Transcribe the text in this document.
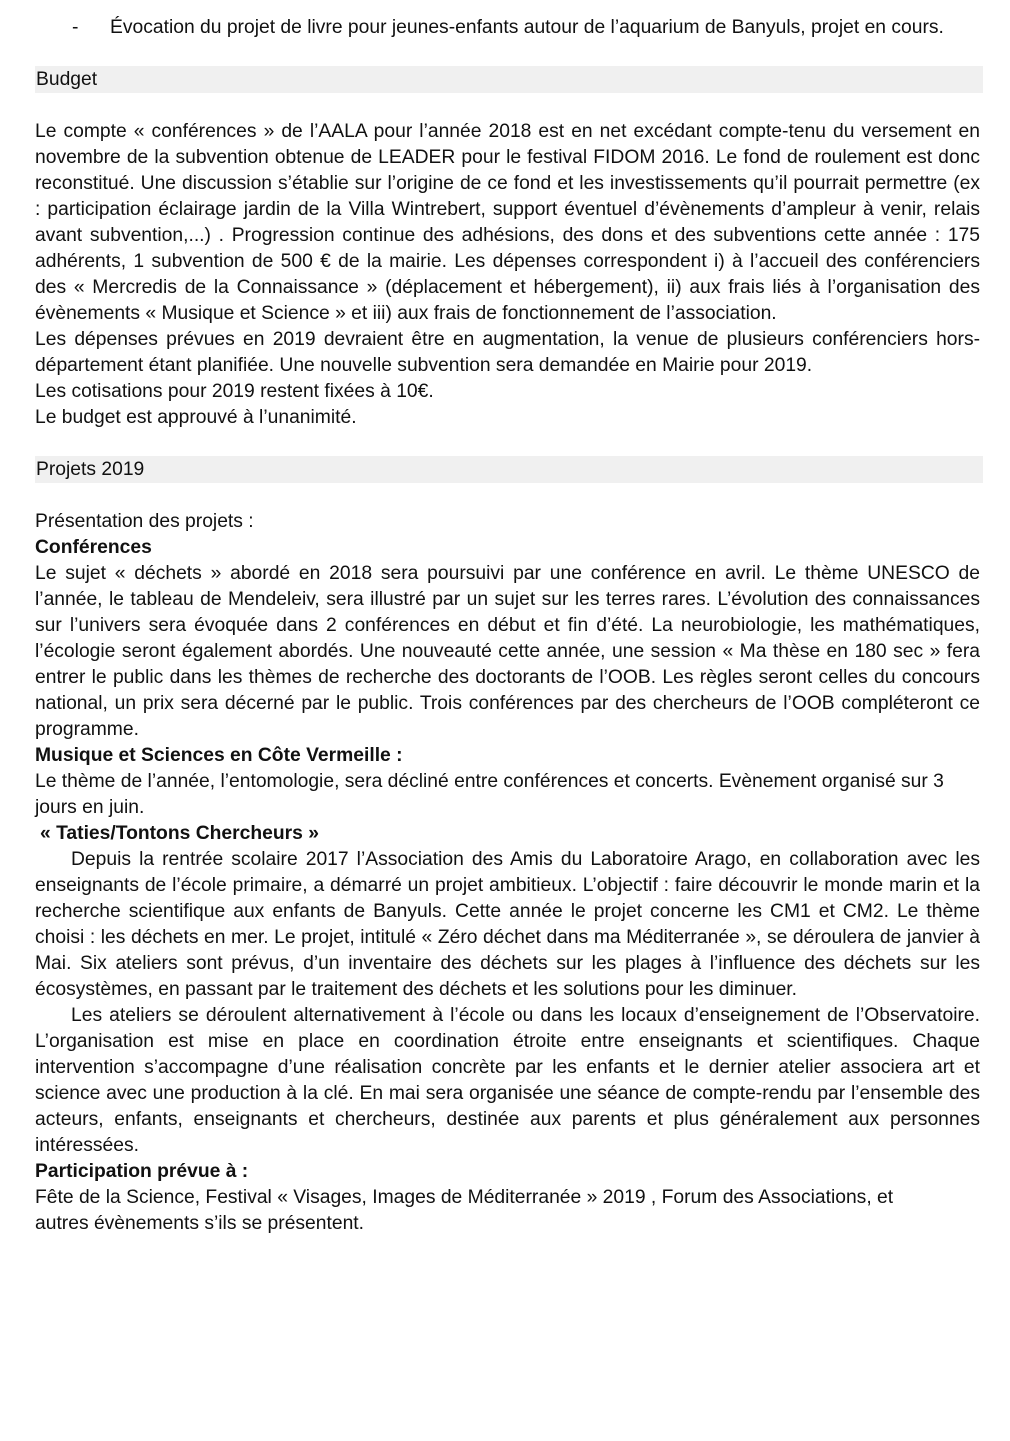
-	Évocation du projet de livre pour jeunes-enfants autour de l’aquarium de Banyuls, projet en cours.
Budget

Le compte « conférences » de l’AALA pour l’année 2018 est en net excédant compte-tenu du versement en novembre de la subvention obtenue de LEADER pour le festival FIDOM 2016. Le fond de roulement est donc reconstitué. Une discussion s’établie sur l’origine de ce fond et les investissements qu’il pourrait permettre (ex : participation éclairage jardin de la Villa Wintrebert, support éventuel d’évènements d’ampleur à venir, relais avant subvention,...) . Progression continue des adhésions, des dons et des subventions cette année : 175 adhérents, 1 subvention de 500 € de la mairie. Les dépenses correspondent i) à l’accueil des conférenciers des « Mercredis de la Connaissance » (déplacement et hébergement), ii) aux frais liés à l’organisation des évènements « Musique et Science » et iii) aux frais de fonctionnement de l’association.

Les dépenses prévues en 2019 devraient être en augmentation, la venue de plusieurs conférenciers hors-département étant planifiée. Une nouvelle subvention sera demandée en Mairie pour 2019.

Les cotisations pour 2019 restent fixées à 10€.

Le budget est approuvé à l’unanimité.

Projets 2019

Présentation des projets :

Conférences

Le sujet « déchets » abordé en 2018 sera poursuivi par une conférence en avril. Le thème UNESCO de l’année, le tableau de Mendeleiv, sera illustré par un sujet sur les terres rares. L’évolution des connaissances sur l’univers sera évoquée dans 2 conférences en début et fin d’été. La neurobiologie, les mathématiques, l’écologie seront également abordés. Une nouveauté cette année, une session « Ma thèse en 180 sec » fera entrer le public dans les thèmes de recherche des doctorants de l’OOB. Les règles seront celles du concours national, un prix sera décerné par le public. Trois conférences par des chercheurs de l’OOB compléteront ce programme.

Musique et Sciences en Côte Vermeille :

Le thème de l’année, l’entomologie, sera décliné entre conférences et concerts. Evènement organisé sur 3 jours en juin.

« Taties/Tontons Chercheurs »

Depuis la rentrée scolaire 2017 l’Association des Amis du Laboratoire Arago, en collaboration avec les enseignants de l’école primaire, a démarré un projet ambitieux. L’objectif : faire découvrir le monde marin et la recherche scientifique aux enfants de Banyuls. Cette année le projet concerne les CM1 et CM2. Le thème choisi : les déchets en mer. Le projet, intitulé « Zéro déchet dans ma Méditerranée », se déroulera de janvier à Mai. Six ateliers sont prévus, d’un inventaire des déchets sur les plages à l’influence des déchets sur les écosystèmes, en passant par le traitement des déchets et les solutions pour les diminuer.

Les ateliers se déroulent alternativement à l’école ou dans les locaux d’enseignement de l’Observatoire. L’organisation est mise en place en coordination étroite entre enseignants et scientifiques. Chaque intervention s’accompagne d’une réalisation concrète par les enfants et le dernier atelier associera art et science avec une production à la clé. En mai sera organisée une séance de compte-rendu par l’ensemble des acteurs, enfants, enseignants et chercheurs, destinée aux parents et plus généralement aux personnes intéressées.

Participation prévue à :

Fête de la Science, Festival « Visages, Images de Méditerranée » 2019 , Forum des Associations, et autres évènements s’ils se présentent.
